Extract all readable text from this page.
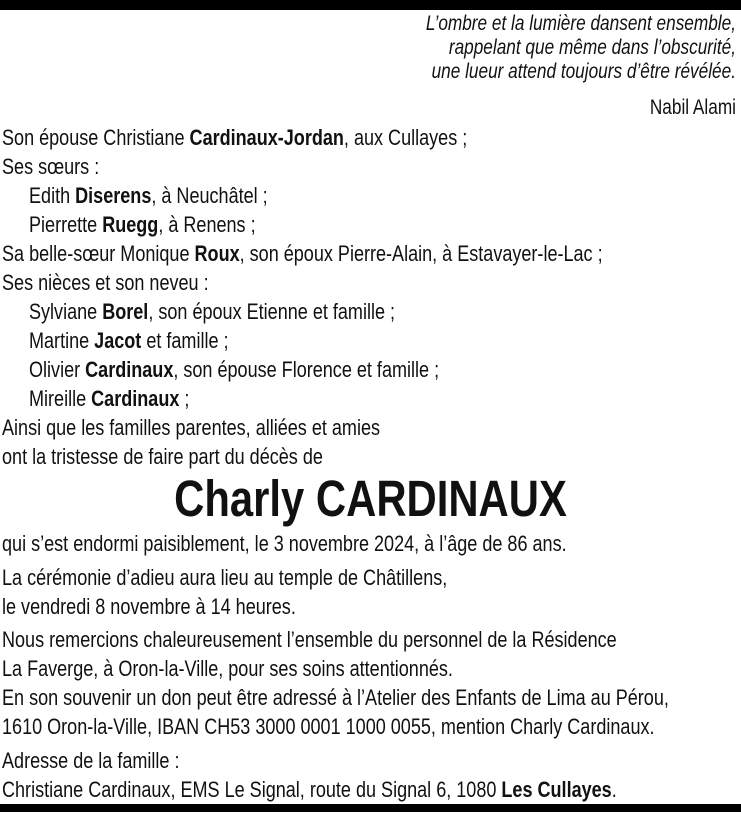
L’ombre et la lumière dansent ensemble,
rappelant que même dans l’obscurité,
une lueur attend toujours d’être révélée.
Nabil Alami
Son épouse Christiane Cardinaux-Jordan, aux Cullayes ;
Ses sœurs :
Edith Diserens, à Neuchâtel ;
Pierrette Ruegg, à Renens ;
Sa belle-sœur Monique Roux, son époux Pierre-Alain, à Estavayer-le-Lac ;
Ses nièces et son neveu :
Sylviane Borel, son époux Etienne et famille ;
Martine Jacot et famille ;
Olivier Cardinaux, son épouse Florence et famille ;
Mireille Cardinaux ;
Ainsi que les familles parentes, alliées et amies
ont la tristesse de faire part du décès de
Charly CARDINAUX
qui s’est endormi paisiblement, le 3 novembre 2024, à l’âge de 86 ans.
La cérémonie d’adieu aura lieu au temple de Châtillens,
le vendredi 8 novembre à 14 heures.
Nous remercions chaleureusement l’ensemble du personnel de la Résidence
La Faverge, à Oron-la-Ville, pour ses soins attentionnés.
En son souvenir un don peut être adressé à l’Atelier des Enfants de Lima au Pérou,
1610 Oron-la-Ville, IBAN CH53 3000 0001 1000 0055, mention Charly Cardinaux.
Adresse de la famille :
Christiane Cardinaux, EMS Le Signal, route du Signal 6, 1080 Les Cullayes.
